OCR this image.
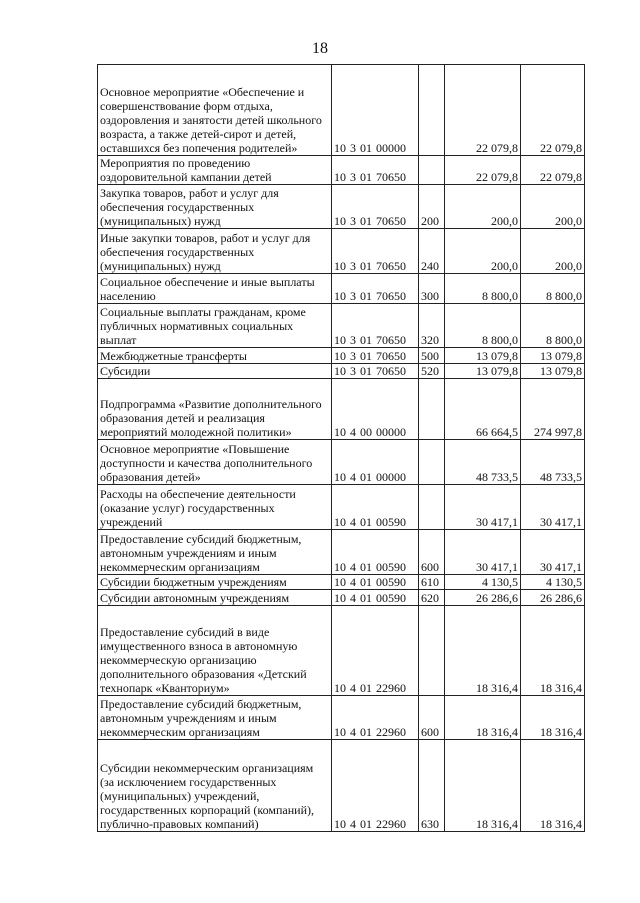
18
Основное мероприятие «Обеспечение и совершенствование форм отдыха, оздоровления и занятости детей школьного возраста, а также детей-сирот и детей, оставшихся без попечения родителей»	10 3 01 00000		22 079,8	22 079,8
Мероприятия по проведению оздоровительной кампании детей	10 3 01 70650		22 079,8	22 079,8
Закупка товаров, работ и услуг для обеспечения государственных (муниципальных) нужд	10 3 01 70650	200	200,0	200,0
Иные закупки товаров, работ и услуг для обеспечения государственных (муниципальных) нужд	10 3 01 70650	240	200,0	200,0
Социальное обеспечение и иные выплаты населению	10 3 01 70650	300	8 800,0	8 800,0
Социальные выплаты гражданам, кроме публичных нормативных социальных выплат	10 3 01 70650	320	8 800,0	8 800,0
Межбюджетные трансферты	10 3 01 70650	500	13 079,8	13 079,8
Субсидии	10 3 01 70650	520	13 079,8	13 079,8
Подпрограмма «Развитие дополнительного образования детей и реализация мероприятий молодежной политики»	10 4 00 00000		66 664,5	274 997,8
Основное мероприятие «Повышение доступности и качества дополнительного образования детей»	10 4 01 00000		48 733,5	48 733,5
Расходы на обеспечение деятельности (оказание услуг) государственных учреждений	10 4 01 00590		30 417,1	30 417,1
Предоставление субсидий бюджетным, автономным учреждениям и иным некоммерческим организациям	10 4 01 00590	600	30 417,1	30 417,1
Субсидии бюджетным учреждениям	10 4 01 00590	610	4 130,5	4 130,5
Субсидии автономным учреждениям	10 4 01 00590	620	26 286,6	26 286,6
Предоставление субсидий в виде имущественного взноса в автономную некоммерческую организацию дополнительного образования «Детский технопарк «Кванториум»	10 4 01 22960		18 316,4	18 316,4
Предоставление субсидий бюджетным, автономным учреждениям и иным некоммерческим организациям	10 4 01 22960	600	18 316,4	18 316,4
Субсидии некоммерческим организациям (за исключением государственных (муниципальных) учреждений, государственных корпораций (компаний), публично-правовых компаний)	10 4 01 22960	630	18 316,4	18 316,4
